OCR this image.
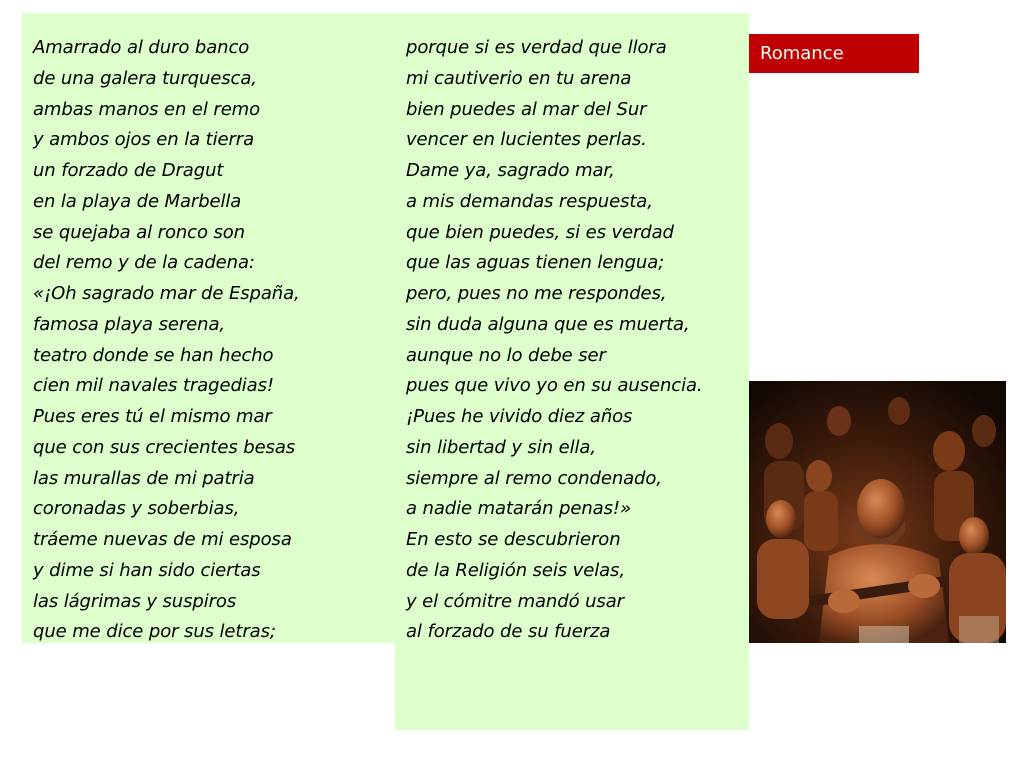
Amarrado al duro banco
de una galera turquesca,
ambas manos en el remo
y ambos ojos en la tierra
un forzado de Dragut
en la playa de Marbella
se quejaba al ronco son
del remo y de la cadena:
«¡Oh sagrado mar de España,
famosa playa serena,
teatro donde se han hecho
cien mil navales tragedias!
Pues eres tú el mismo mar
que con sus crecientes besas
las murallas de mi patria
coronadas y soberbias,
tráeme nuevas de mi esposa
y dime si han sido ciertas
las lágrimas y suspiros
que me dice por sus letras;
porque si es verdad que llora
mi cautiverio en tu arena
bien puedes al mar del Sur
vencer en lucientes perlas.
Dame ya, sagrado mar,
a mis demandas respuesta,
que bien puedes, si es verdad
que las aguas tienen lengua;
pero, pues no me respondes,
sin duda alguna que es muerta,
aunque no lo debe ser
pues que vivo yo en su ausencia.
¡Pues he vivido diez años
sin libertad y sin ella,
siempre al remo condenado,
a nadie matarán penas!»
En esto se descubrieron
de la Religión seis velas,
y el cómitre mandó usar
al forzado de su fuerza
Romance
